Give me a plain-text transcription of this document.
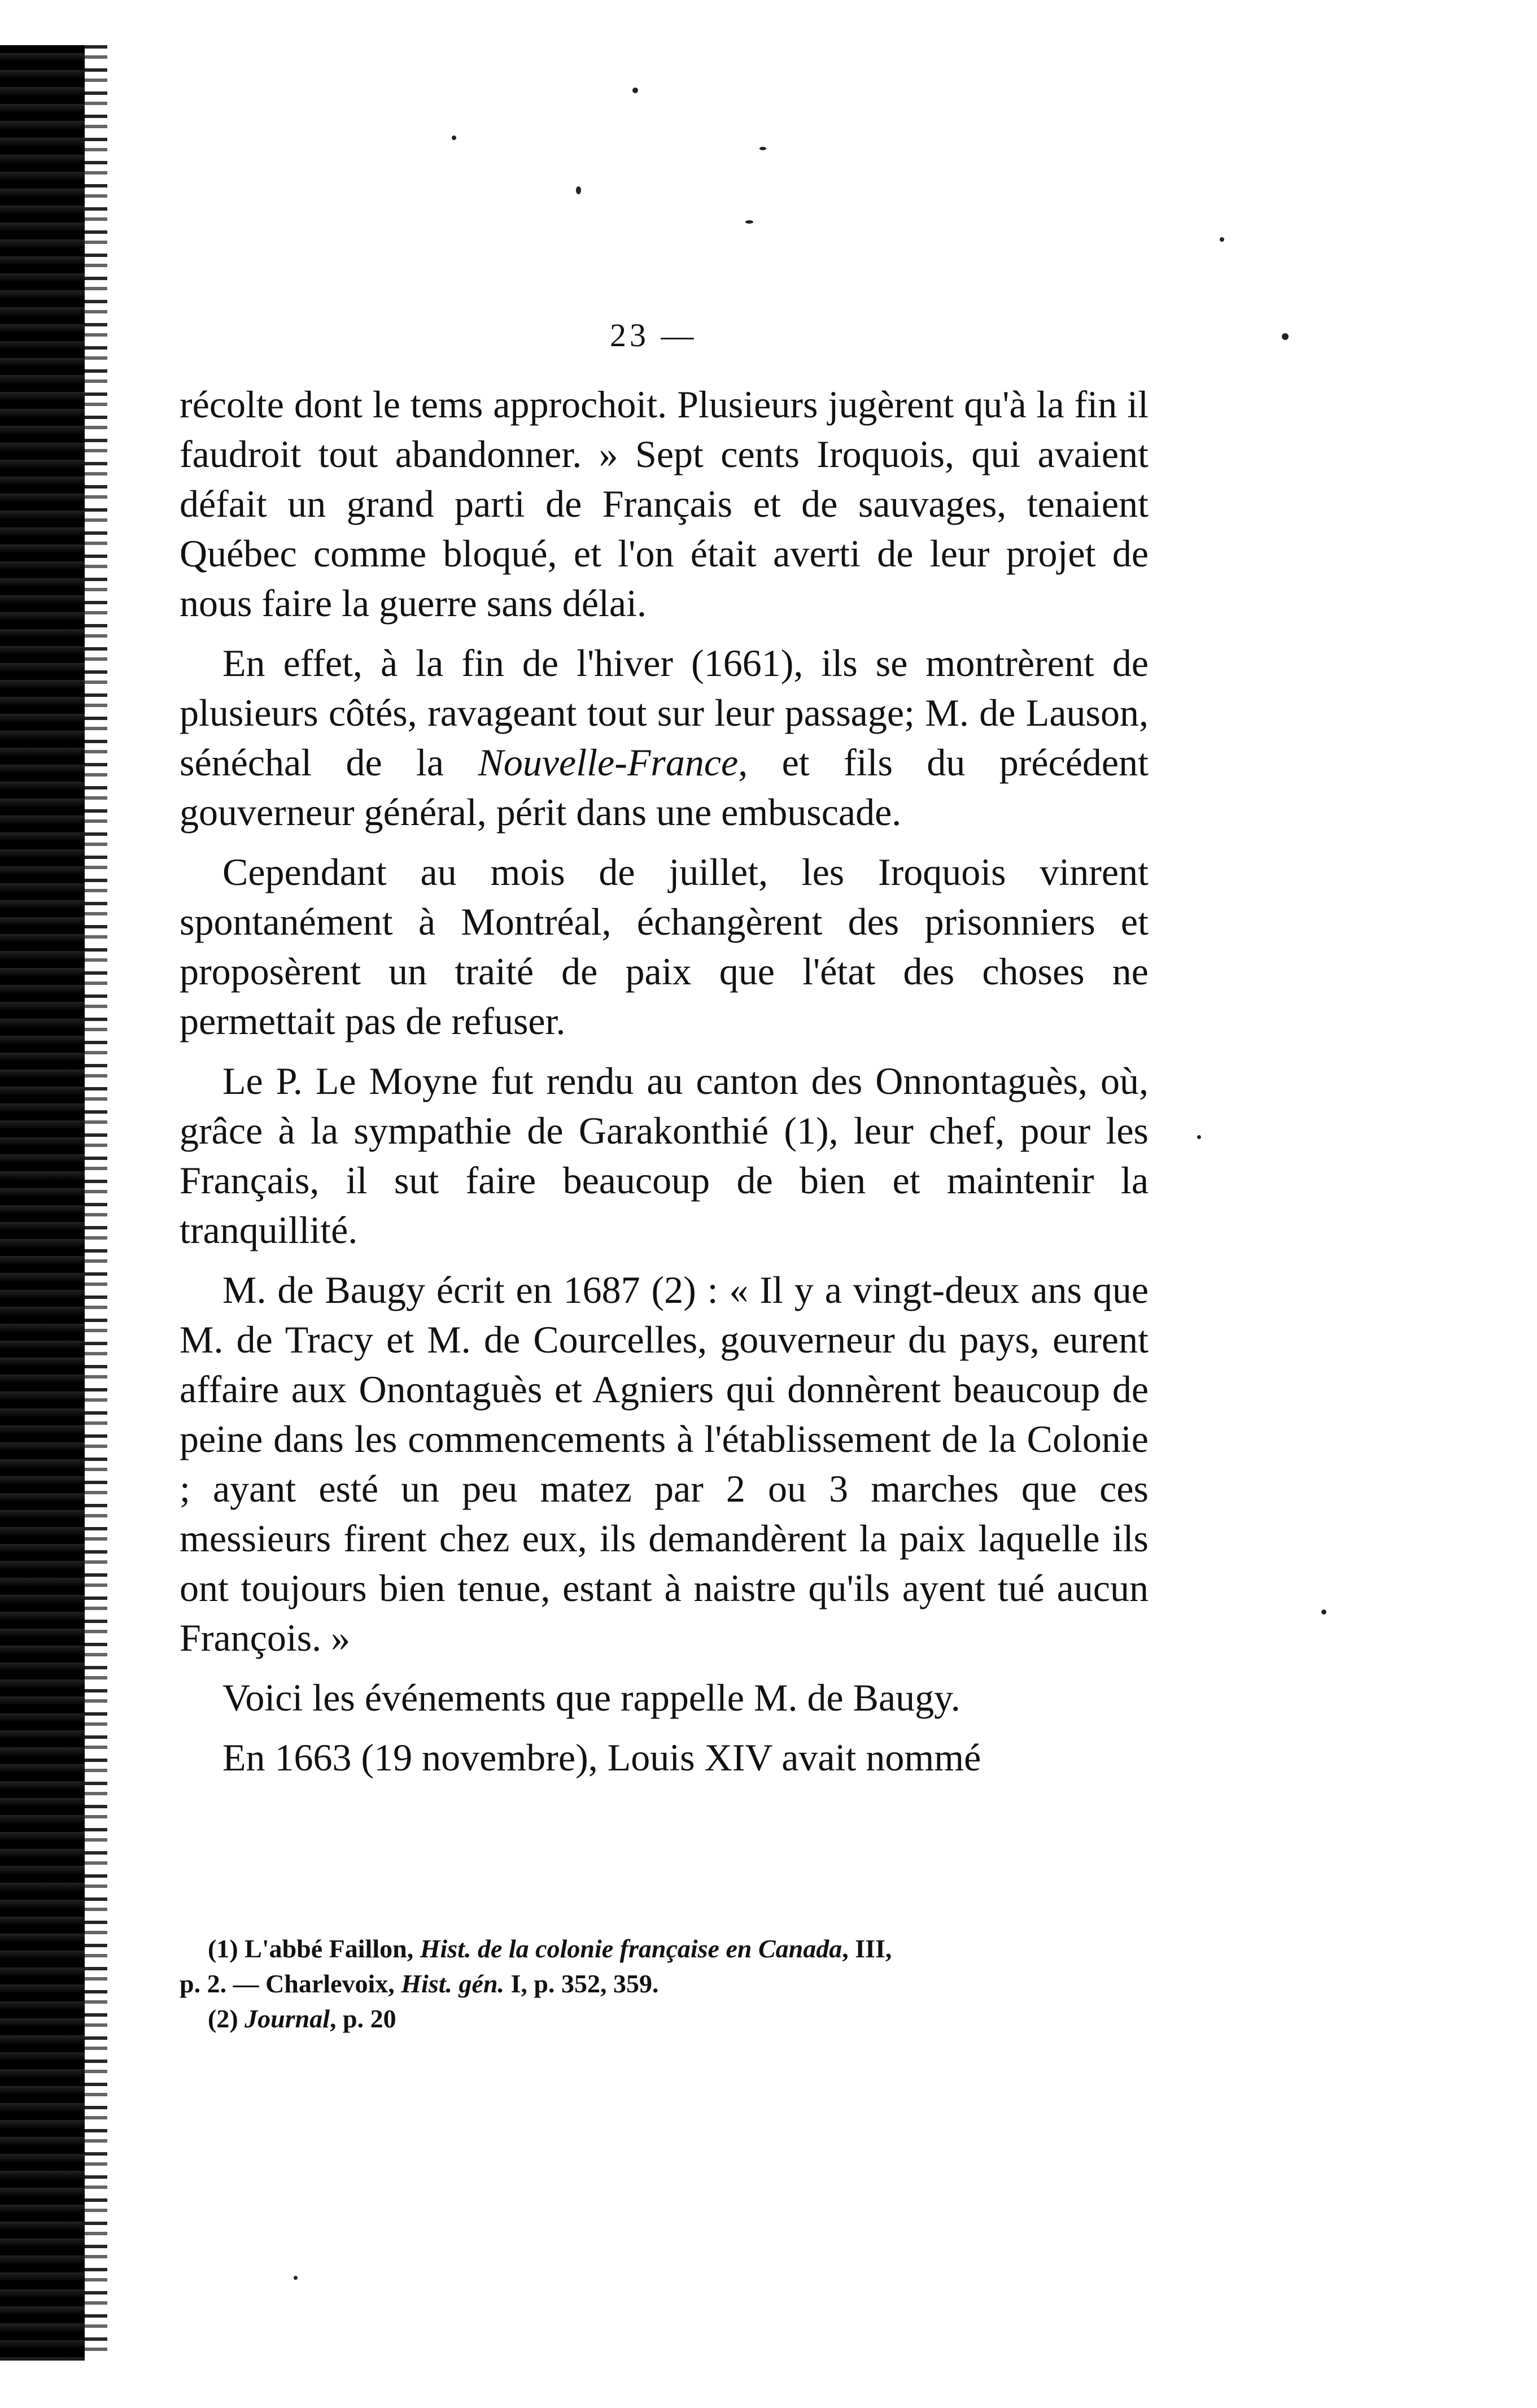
23 —

récolte dont le tems approchoit. Plusieurs jugèrent qu'à la fin il faudroit tout abandonner. » Sept cents Iroquois, qui avaient défait un grand parti de Français et de sauvages, tenaient Québec comme bloqué, et l'on était averti de leur projet de nous faire la guerre sans délai.

En effet, à la fin de l'hiver (1661), ils se montrèrent de plusieurs côtés, ravageant tout sur leur passage; M. de Lauson, sénéchal de la Nouvelle-France, et fils du précédent gouverneur général, périt dans une embuscade.

Cependant au mois de juillet, les Iroquois vinrent spontanément à Montréal, échangèrent des prisonniers et proposèrent un traité de paix que l'état des choses ne permettait pas de refuser.

Le P. Le Moyne fut rendu au canton des Onnontaguès, où, grâce à la sympathie de Garakonthié (1), leur chef, pour les Français, il sut faire beaucoup de bien et maintenir la tranquillité.

M. de Baugy écrit en 1687 (2) : « Il y a vingt-deux ans que M. de Tracy et M. de Courcelles, gouverneur du pays, eurent affaire aux Onontaguès et Agniers qui donnèrent beaucoup de peine dans les commencements à l'établissement de la Colonie ; ayant esté un peu matez par 2 ou 3 marches que ces messieurs firent chez eux, ils demandèrent la paix laquelle ils ont toujours bien tenue, estant à naistre qu'ils ayent tué aucun François. »

Voici les événements que rappelle M. de Baugy.

En 1663 (19 novembre), Louis XIV avait nommé

(1) L'abbé Faillon, Hist. de la colonie française en Canada, III,
p. 2. — Charlevoix, Hist. gén. I, p. 352, 359.
(2) Journal, p. 20
